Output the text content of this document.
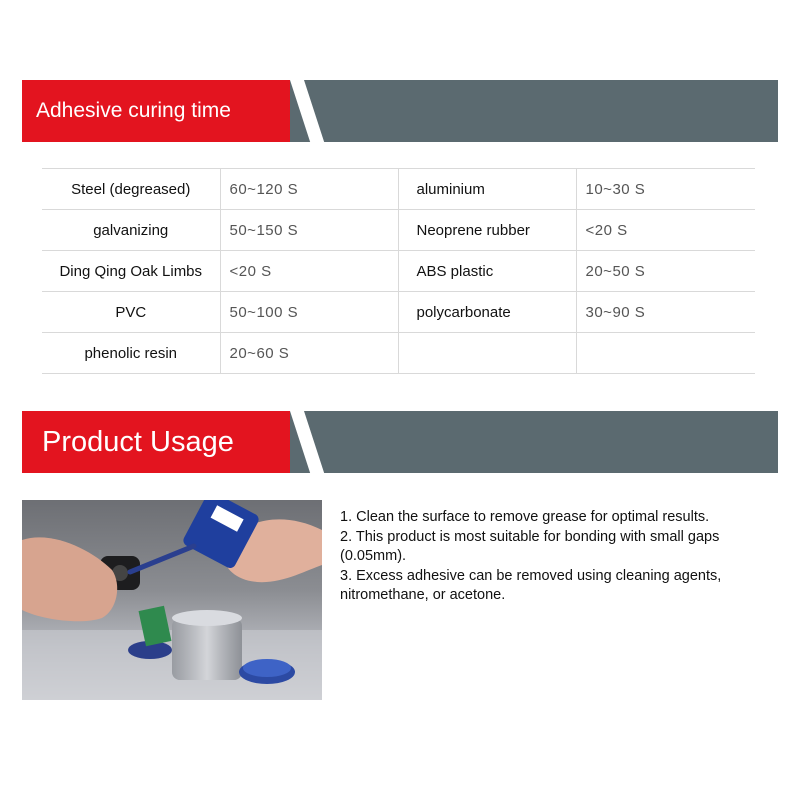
Adhesive curing time
Steel (degreased)	60~120 S	aluminium	10~30 S
galvanizing	50~150 S	Neoprene rubber	<20 S
Ding Qing Oak Limbs	<20 S	ABS plastic	20~50 S
PVC	50~100 S	polycarbonate	30~90 S
phenolic resin	20~60 S		
Product Usage

1. Clean the surface to remove grease for optimal results.

2. This product is most suitable for bonding with small gaps (0.05mm).

3. Excess adhesive can be removed using cleaning agents, nitromethane, or acetone.
